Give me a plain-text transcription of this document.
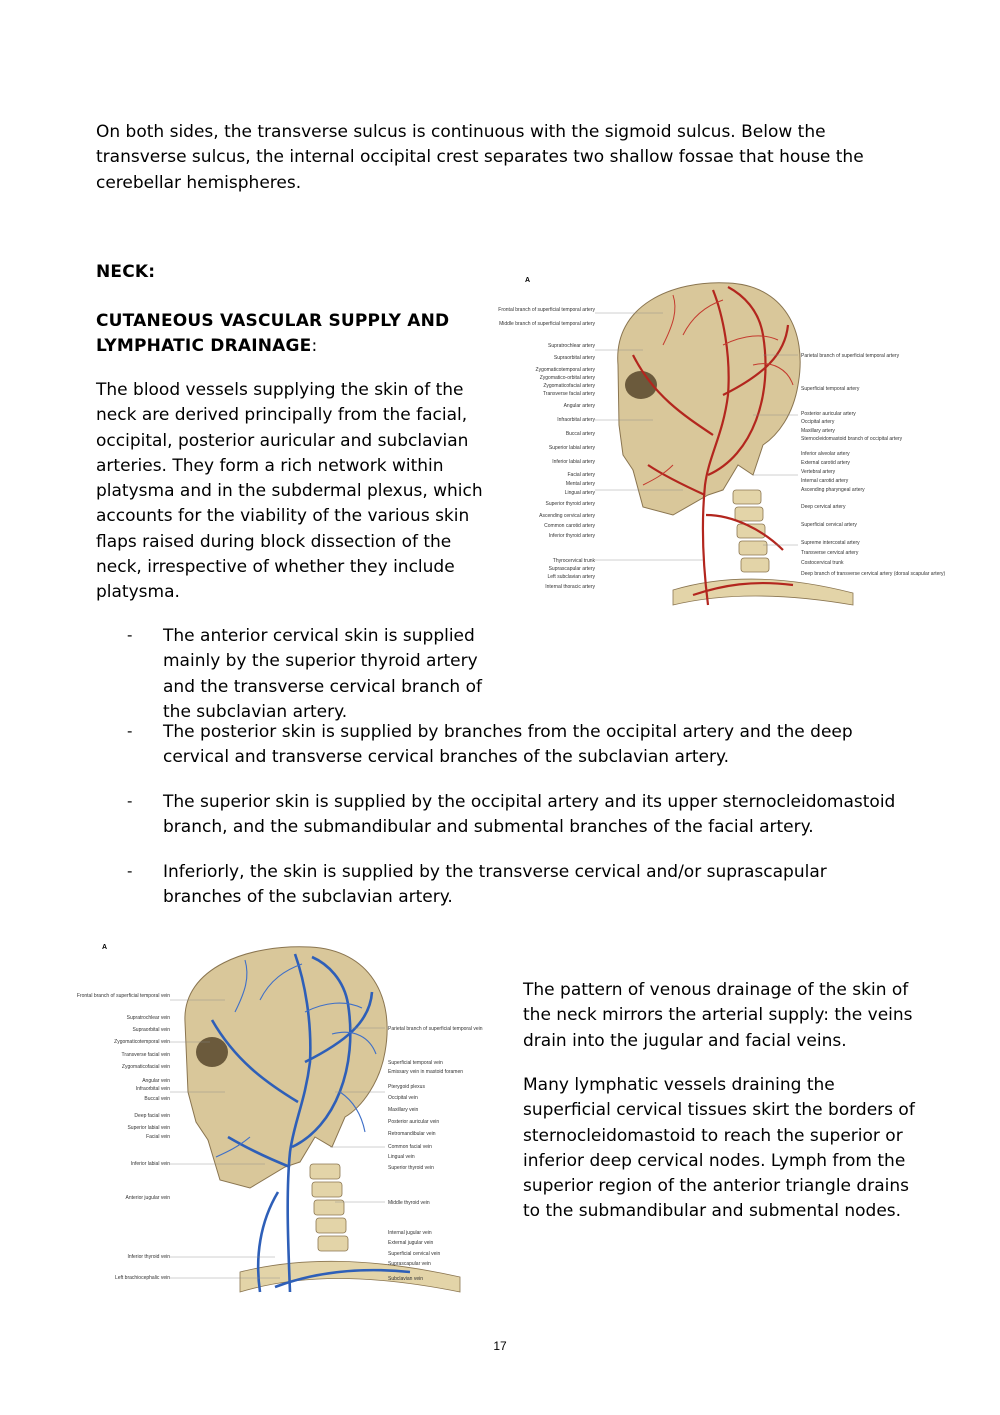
On both sides, the transverse sulcus is continuous with the sigmoid sulcus. Below the transverse sulcus, the internal occipital crest separates two shallow fossae that house the cerebellar hemispheres.

NECK:
CUTANEOUS VASCULAR SUPPLY AND LYMPHATIC DRAINAGE:

The blood vessels supplying the skin of the neck are derived principally from the facial, occipital, posterior auricular and subclavian arteries. They form a rich network within platysma and in the subdermal plexus, which accounts for the viability of the various skin flaps raised during block dissection of the neck, irrespective of whether they include platysma.

A
Frontal branch of superficial temporal artery
Middle branch of superficial temporal artery
Supratrochlear artery
Supraorbital artery
Zygomaticotemporal artery
Zygomatico-orbital artery
Zygomaticofacial artery
Transverse facial artery
Angular artery
Infraorbital artery
Buccal artery
Superior labial artery
Inferior labial artery
Facial artery
Mental artery
Lingual artery
Superior thyroid artery
Ascending cervical artery
Common carotid artery
Inferior thyroid artery
Thyrocervical trunk
Suprascapular artery
Left subclavian artery
Internal thoracic artery
Parietal branch of superficial temporal artery
Superficial temporal artery
Posterior auricular artery
Occipital artery
Maxillary artery
Sternocleidomastoid branch of occipital artery
Inferior alveolar artery
External carotid artery
Vertebral artery
Internal carotid artery
Ascending pharyngeal artery
Deep cervical artery
Superficial cervical artery
Supreme intercostal artery
Transverse cervical artery
Costocervical trunk
Deep branch of transverse cervical artery (dorsal scapular artery)
- The anterior cervical skin is supplied mainly by the superior thyroid artery and the transverse cervical branch of the subclavian artery.

- The posterior skin is supplied by branches from the occipital artery and the deep cervical and transverse cervical branches of the subclavian artery.

- The superior skin is supplied by the occipital artery and its upper sternocleidomastoid branch, and the submandibular and submental branches of the facial artery.

- Inferiorly, the skin is supplied by the transverse cervical and/or suprascapular branches of the subclavian artery.

A
Frontal branch of superficial temporal vein
Supratrochlear vein
Supraorbital vein
Zygomaticotemporal vein
Transverse facial vein
Zygomaticofacial vein
Angular vein
Infraorbital vein
Buccal vein
Deep facial vein
Superior labial vein
Facial vein
Inferior labial vein
Anterior jugular vein
Inferior thyroid vein
Left brachiocephalic vein
Parietal branch of superficial temporal vein
Superficial temporal vein
Emissary vein in mastoid foramen
Pterygoid plexus
Occipital vein
Maxillary vein
Posterior auricular vein
Retromandibular vein
Common facial vein
Lingual vein
Superior thyroid vein
Middle thyroid vein
Internal jugular vein
External jugular vein
Superficial cervical vein
Suprascapular vein
Subclavian vein

The pattern of venous drainage of the skin of the neck mirrors the arterial supply: the veins drain into the jugular and facial veins.

Many lymphatic vessels draining the superficial cervical tissues skirt the borders of sternocleidomastoid to reach the superior or inferior deep cervical nodes. Lymph from the superior region of the anterior triangle drains to the submandibular and submental nodes.

17
